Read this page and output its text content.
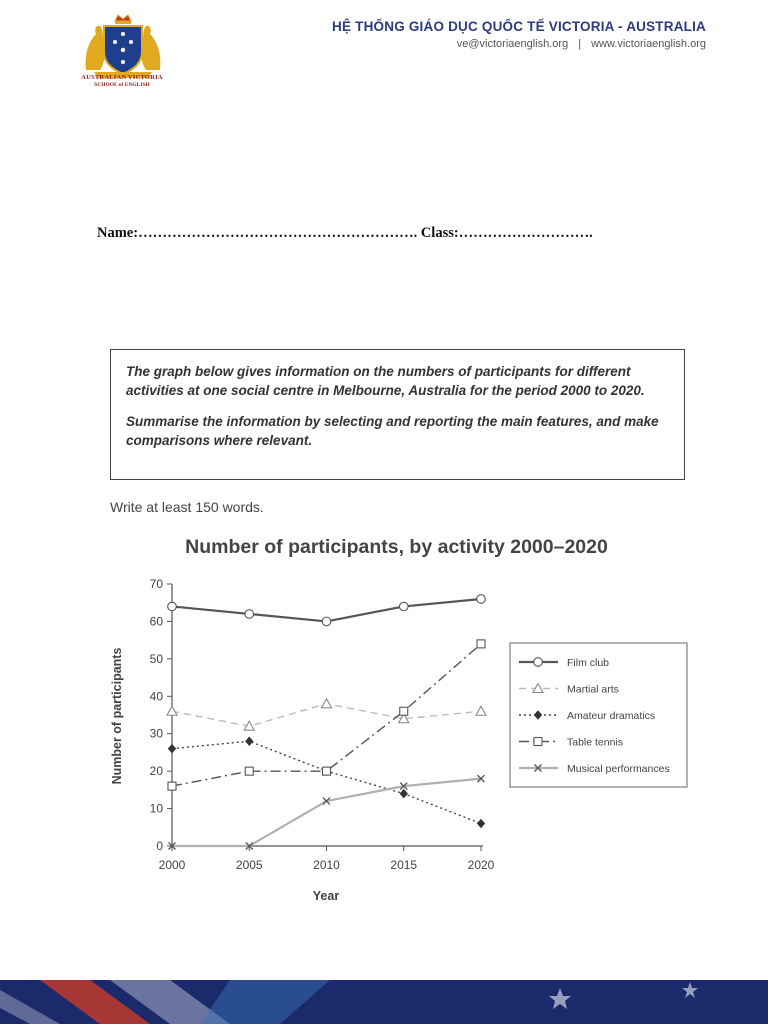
AUSTRALIAN VICTORIA
SCHOOL of ENGLISH
HỆ THỐNG GIÁO DỤC QUỐC TẾ VICTORIA - AUSTRALIA
ve@victoriaenglish.org | www.victoriaenglish.org
Name:…………………………………………………. Class:……………………….

The graph below gives information on the numbers of participants for different activities at one social centre in Melbourne, Australia for the period 2000 to 2020.

Summarise the information by selecting and reporting the main features, and make comparisons where relevant.

Write at least 150 words.
Number of participants, by activity 2000–2020
0
10
20
30
40
50
60
70
2000	2005	2010	2015	2020
Film club
Martial arts
Amateur dramatics
Table tennis
Musical performances
Number of participants
Year
